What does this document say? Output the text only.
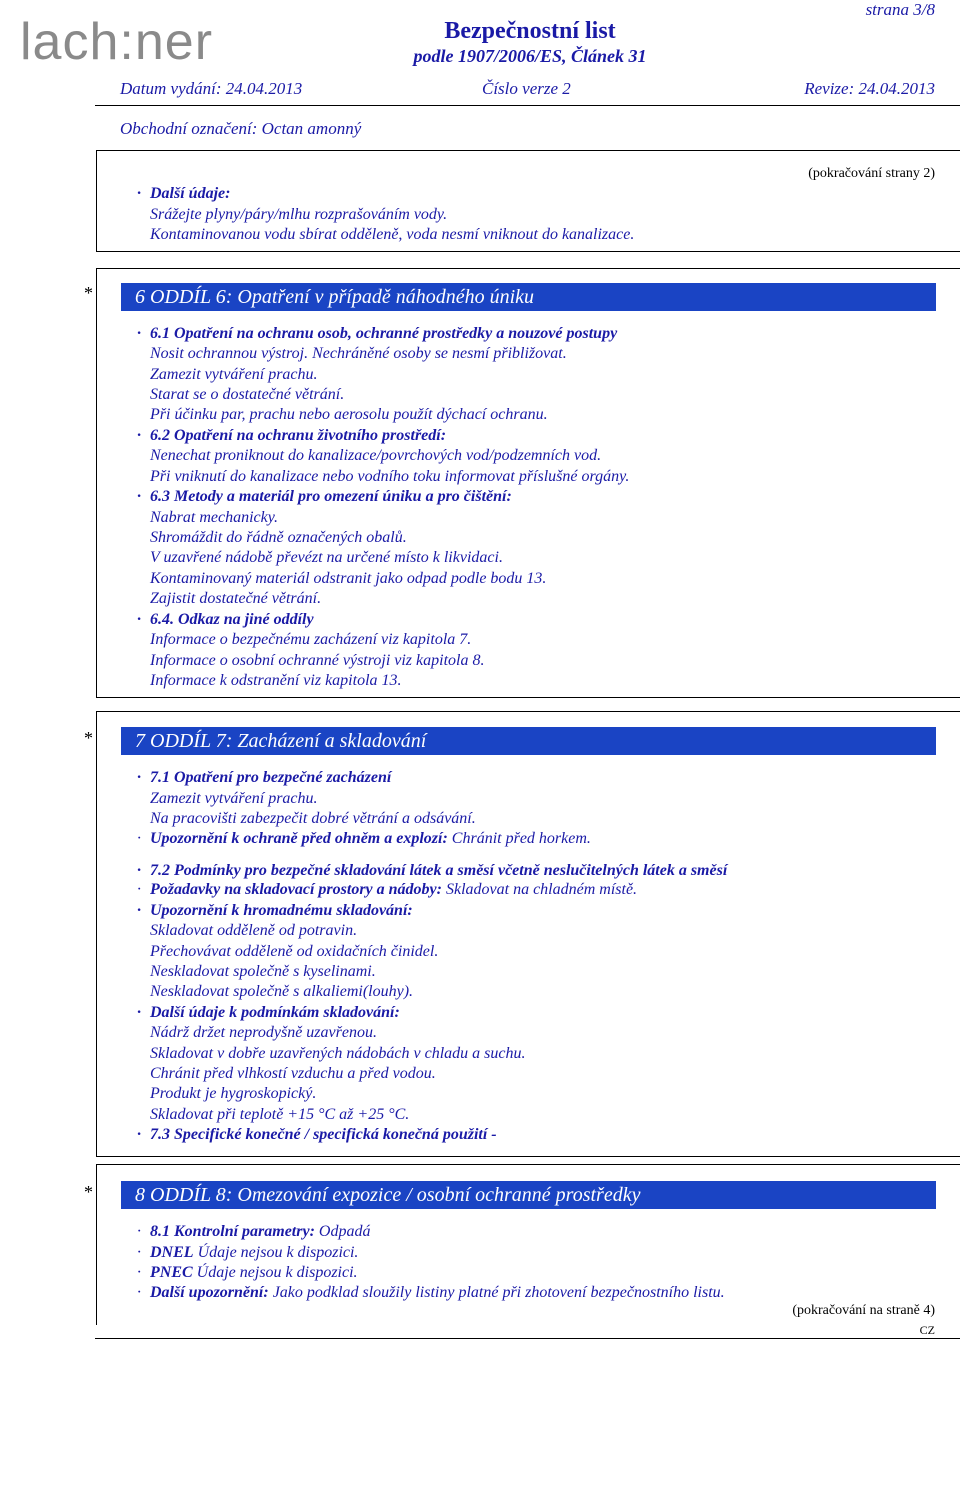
lach:ner
strana 3/8
Bezpečnostní list
podle 1907/2006/ES, Článek 31
Datum vydání: 24.04.2013	Číslo verze 2	Revize: 24.04.2013
Obchodní označení: Octan amonný
(pokračování strany 2)
· Další údaje:
Srážejte plyny/páry/mlhu rozprašováním vody.
Kontaminovanou vodu sbírat odděleně, voda nesmí vniknout do kanalizace.
* 6 ODDÍL 6: Opatření v případě náhodného úniku
· 6.1 Opatření na ochranu osob, ochranné prostředky a nouzové postupy
Nosit ochrannou výstroj. Nechráněné osoby se nesmí přibližovat.
Zamezit vytváření prachu.
Starat se o dostatečné větrání.
Při účinku par, prachu nebo aerosolu použít dýchací ochranu.
· 6.2 Opatření na ochranu životního prostředí:
Nenechat proniknout do kanalizace/povrchových vod/podzemních vod.
Při vniknutí do kanalizace nebo vodního toku informovat příslušné orgány.
· 6.3 Metody a materiál pro omezení úniku a pro čištění:
Nabrat mechanicky.
Shromáždit do řádně označených obalů.
V uzavřené nádobě převézt na určené místo k likvidaci.
Kontaminovaný materiál odstranit jako odpad podle bodu 13.
Zajistit dostatečné větrání.
· 6.4. Odkaz na jiné oddíly
Informace o bezpečnému zacházení viz kapitola 7.
Informace o osobní ochranné výstroji viz kapitola 8.
Informace k odstranění viz kapitola 13.
* 7 ODDÍL 7: Zacházení a skladování
· 7.1 Opatření pro bezpečné zacházení
Zamezit vytváření prachu.
Na pracovišti zabezpečit dobré větrání a odsávání.
· Upozornění k ochraně před ohněm a explozí: Chránit před horkem.
· 7.2 Podmínky pro bezpečné skladování látek a směsí včetně neslučitelných látek a směsí
· Požadavky na skladovací prostory a nádoby: Skladovat na chladném místě.
· Upozornění k hromadnému skladování:
Skladovat odděleně od potravin.
Přechovávat odděleně od oxidačních činidel.
Neskladovat společně s kyselinami.
Neskladovat společně s alkaliemi(louhy).
· Další údaje k podmínkám skladování:
Nádrž držet neprodyšně uzavřenou.
Skladovat v dobře uzavřených nádobách v chladu a suchu.
Chránit před vlhkostí vzduchu a před vodou.
Produkt je hygroskopický.
Skladovat při teplotě +15 °C až +25 °C.
· 7.3 Specifické konečné / specifická konečná použití -
* 8 ODDÍL 8: Omezování expozice / osobní ochranné prostředky
· 8.1 Kontrolní parametry: Odpadá
· DNEL Údaje nejsou k dispozici.
· PNEC Údaje nejsou k dispozici.
· Další upozornění: Jako podklad sloužily listiny platné při zhotovení bezpečnostního listu.
(pokračování na straně 4)
CZ
